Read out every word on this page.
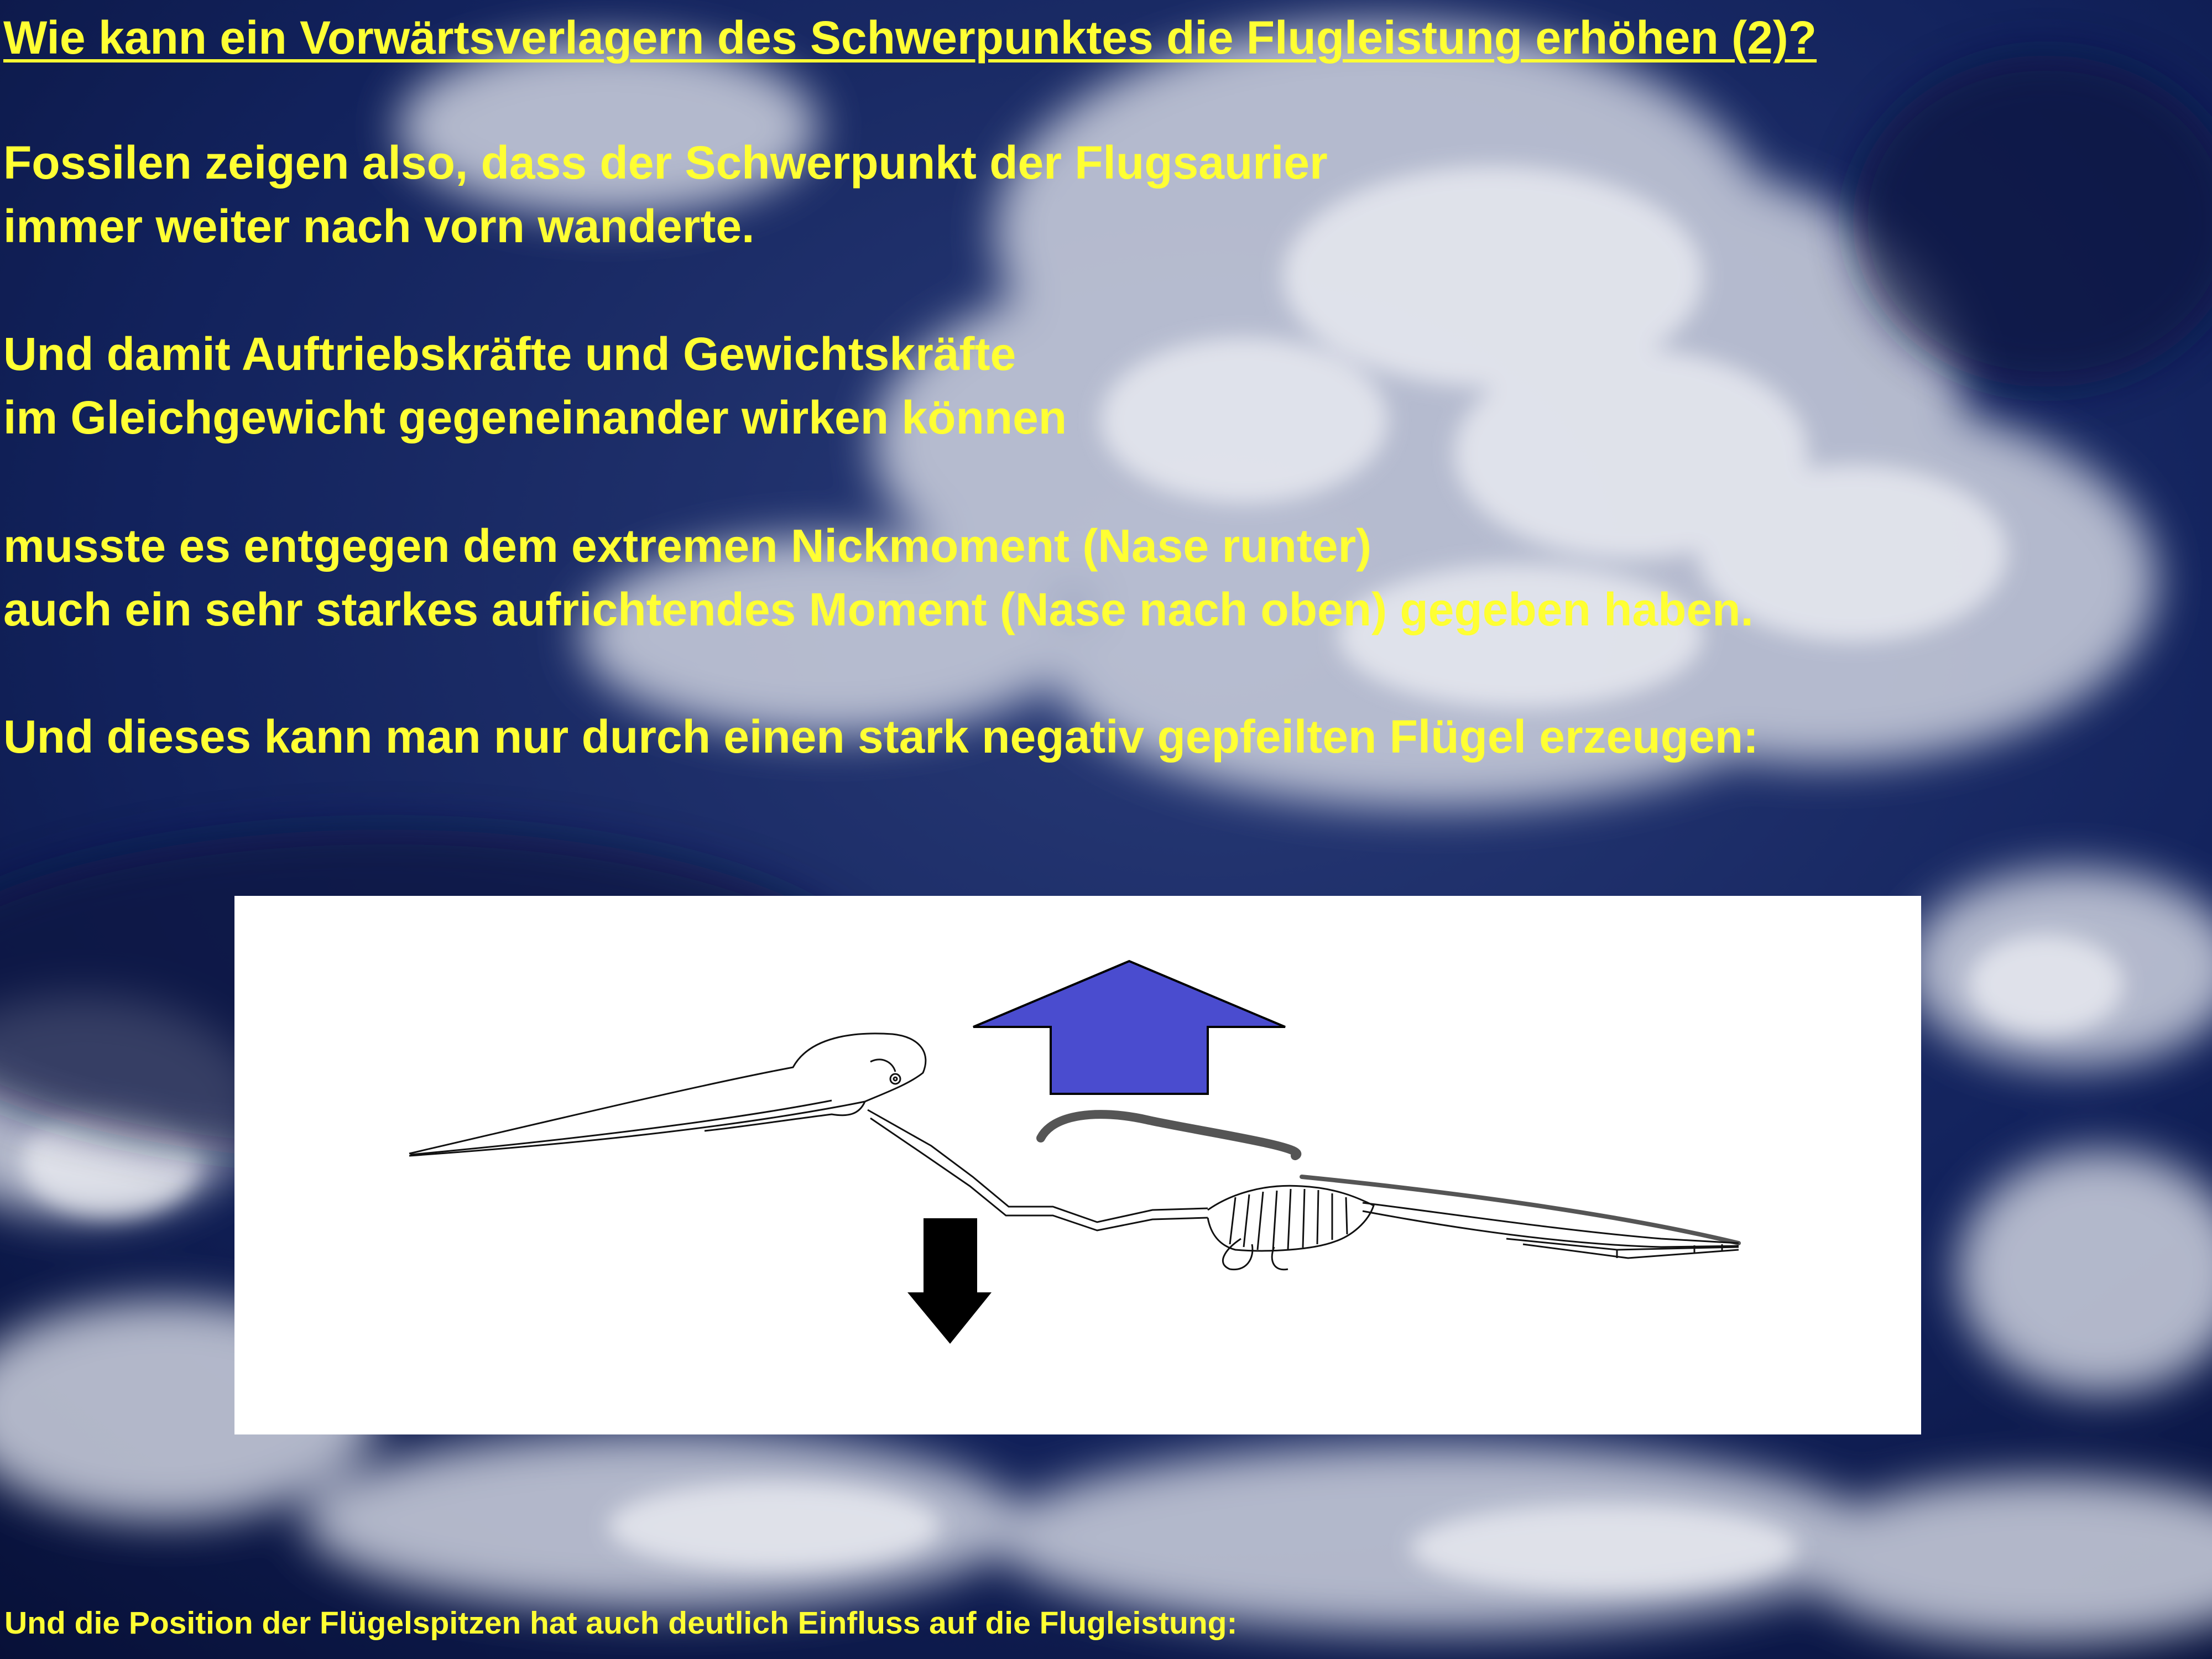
Wie kann ein Vorwärtsverlagern des Schwerpunktes die Flugleistung erhöhen (2)?

Fossilen zeigen also, dass der Schwerpunkt der Flugsaurier
immer weiter nach vorn wanderte.

Und damit Auftriebskräfte und Gewichtskräfte
im Gleichgewicht gegeneinander wirken können

musste es entgegen dem extremen Nickmoment (Nase runter)
auch ein sehr starkes aufrichtendes Moment (Nase nach oben) gegeben haben.

Und dieses kann man nur durch einen stark negativ gepfeilten Flügel erzeugen:

Und die Position der Flügelspitzen hat auch deutlich Einfluss auf die Flugleistung:
